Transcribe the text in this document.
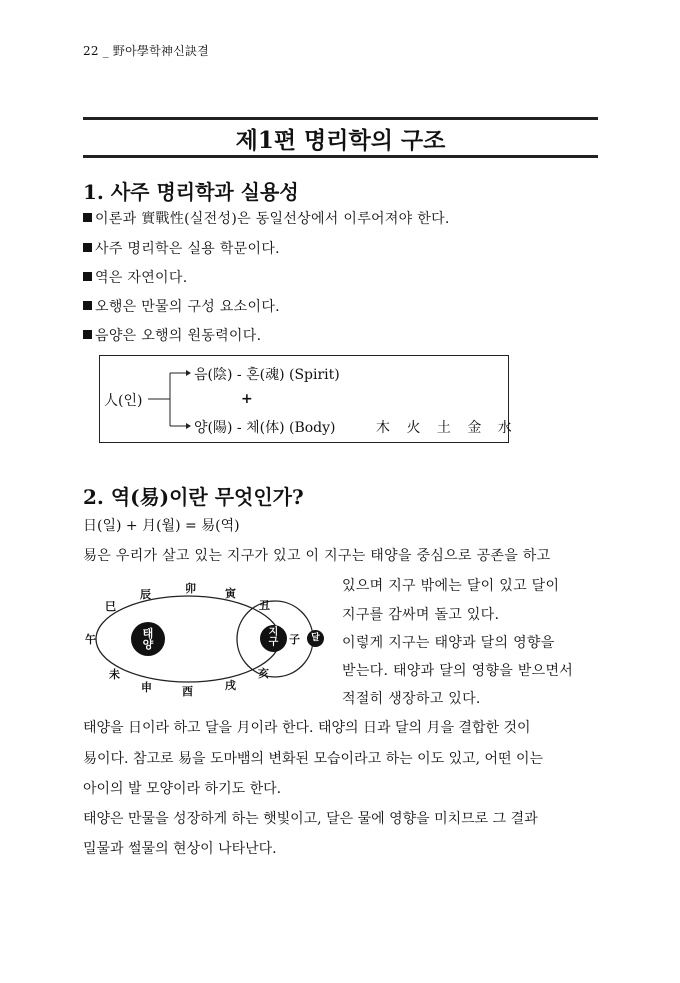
22 _ 野아學학神신訣결
제1편 명리학의 구조
1. 사주 명리학과 실용성
이론과 實戰性(실전성)은 동일선상에서 이루어져야 한다.
사주 명리학은 실용 학문이다.
역은 자연이다.
오행은 만물의 구성 요소이다.
음양은 오행의 원동력이다.
人(인)
음(陰) - 혼(魂) (Spirit)
+
양(陽) - 체(体) (Body)	木 火 土 金 水
2. 역(易)이란 무엇인가?
日(일) + 月(월) = 易(역)
易은 우리가 살고 있는 지구가 있고 이 지구는 태양을 중심으로 공존을 하고
있으며 지구 밖에는 달이 있고 달이
지구를 감싸며 돌고 있다.
이렇게 지구는 태양과 달의 영향을
받는다. 태양과 달의 영향을 받으면서
적절히 생장하고 있다.
태양
지구	달
辰	卯	寅
丑
巳
午
未
申	酉	戌
亥
子
태양을 日이라 하고 달을 月이라 한다. 태양의 日과 달의 月을 결합한 것이
易이다. 참고로 易을 도마뱀의 변화된 모습이라고 하는 이도 있고, 어떤 이는
아이의 발 모양이라 하기도 한다.
태양은 만물을 성장하게 하는 햇빛이고, 달은 물에 영향을 미치므로 그 결과
밀물과 썰물의 현상이 나타난다.
